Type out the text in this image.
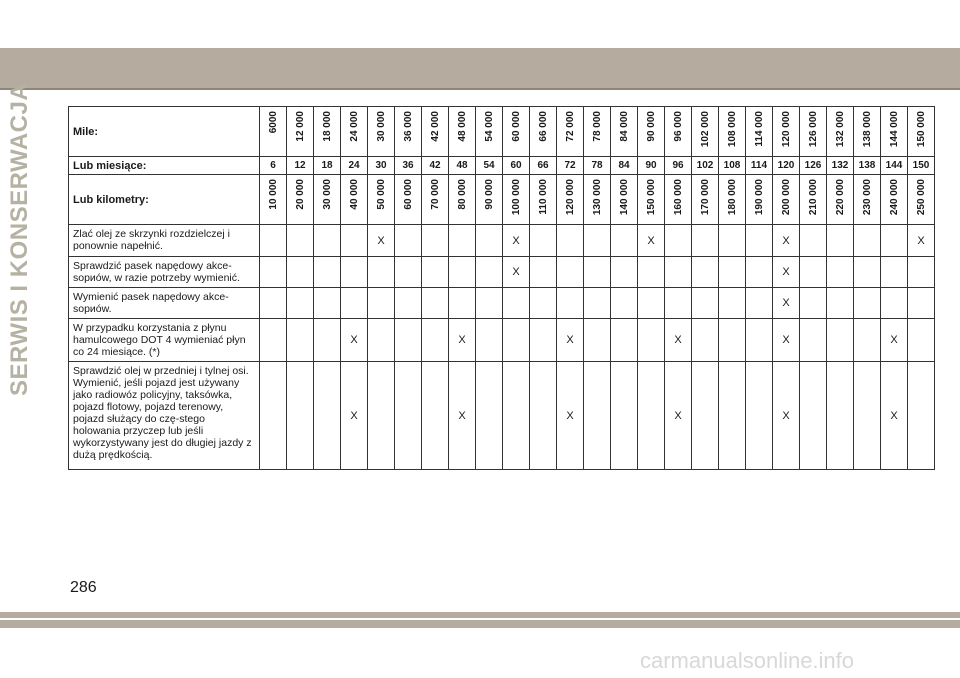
SERWIS I KONSERWACJA	Mile:	6000	12 000	18 000	24 000	30 000	36 000	42 000	48 000	54 000	60 000	66 000	72 000	78 000	84 000	90 000	96 000	102 000	108 000	114 000	120 000	126 000	132 000	138 000	144 000	150 000
Lub miesiące:	6	12	18	24	30	36	42	48	54	60	66	72	78	84	90	96	102	108	114	120	126	132	138	144	150
Lub kilometry:	10 000	20 000	30 000	40 000	50 000	60 000	70 000	80 000	90 000	100 000	110 000	120 000	130 000	140 000	150 000	160 000	170 000	180 000	190 000	200 000	210 000	220 000	230 000	240 000	250 000
Zlać olej ze skrzynki rozdzielczej i ponownie napełnić.					X					X					X					X					X
Sprawdzić pasek napędowy akce-sориów, w razie potrzeby wymienić.										X										X					
Wymienić pasek napędowy akce-sориów.																				X					
W przypadku korzystania z płynu hamulcowego DOT 4 wymieniać płyn co 24 miesiące. (*)				X				X				X				X				X				X	
Sprawdzić olej w przedniej i tylnej osi. Wymienić, jeśli pojazd jest używany jako radiowóz policyjny, taksówka, pojazd flotowy, pojazd terenowy, pojazd służący do czę-stego holowania przyczep lub jeśli wykorzystywany jest do długiej jazdy z dużą prędkością.				X				X				X				X				X				X	
286
carmanualsonline.info
